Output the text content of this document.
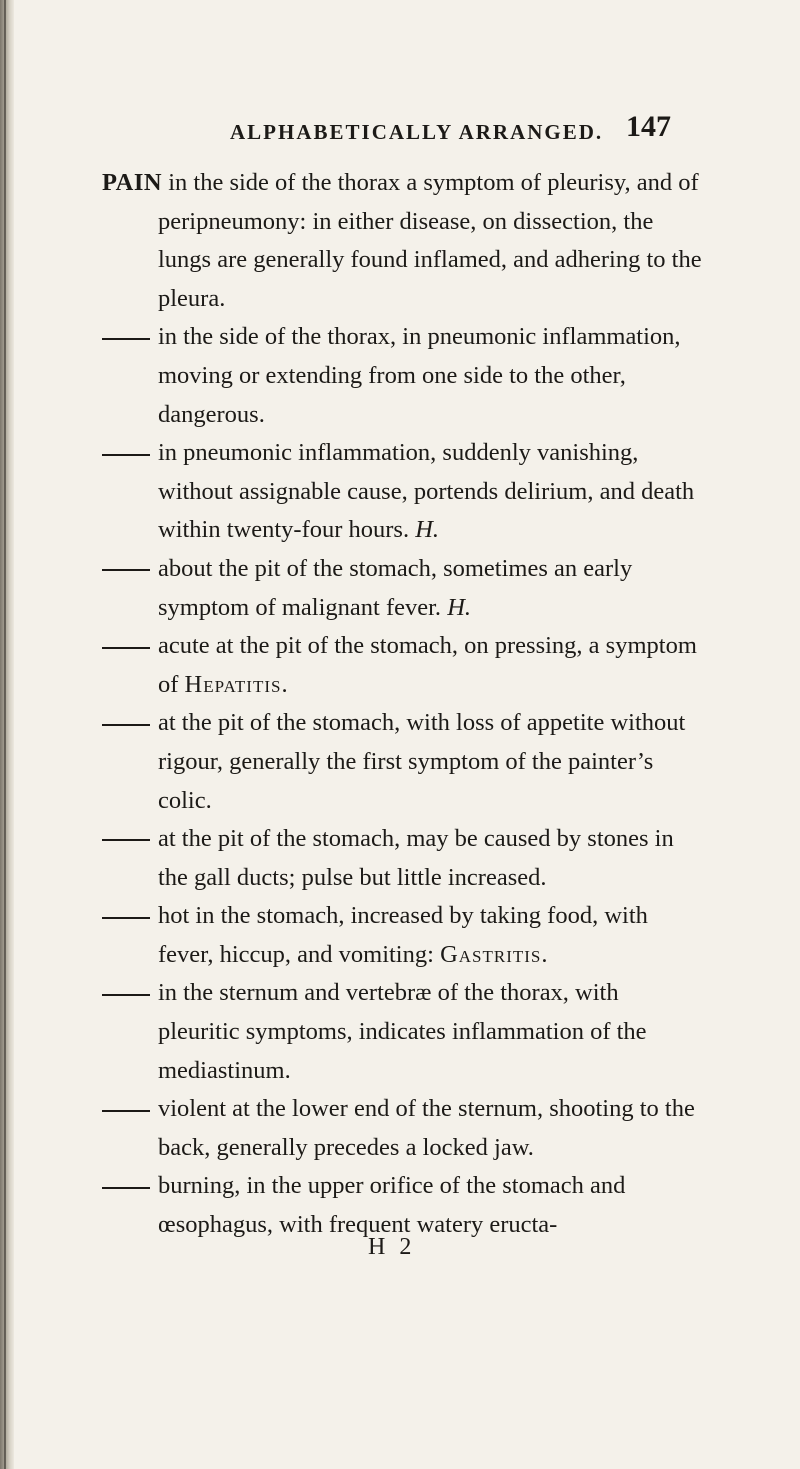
ALPHABETICALLY ARRANGED. 147

PAIN in the side of the thorax a symptom of pleurisy, and of peripneumony: in either disease, on dissection, the lungs are generally found inflamed, and adhering to the pleura.

in the side of the thorax, in pneumonic inflammation, moving or extending from one side to the other, dangerous.

in pneumonic inflammation, suddenly vanishing, without assignable cause, portends delirium, and death within twenty-four hours. H.

about the pit of the stomach, sometimes an early symptom of malignant fever. H.

acute at the pit of the stomach, on pressing, a symptom of Hepatitis.

at the pit of the stomach, with loss of appetite without rigour, generally the first symptom of the painter’s colic.

at the pit of the stomach, may be caused by stones in the gall ducts; pulse but little increased.

hot in the stomach, increased by taking food, with fever, hiccup, and vomiting: Gastritis.

in the sternum and vertebræ of the thorax, with pleuritic symptoms, indicates inflammation of the mediastinum.

violent at the lower end of the sternum, shooting to the back, generally precedes a locked jaw.

burning, in the upper orifice of the stomach and œsophagus, with frequent watery eructa-

H 2
